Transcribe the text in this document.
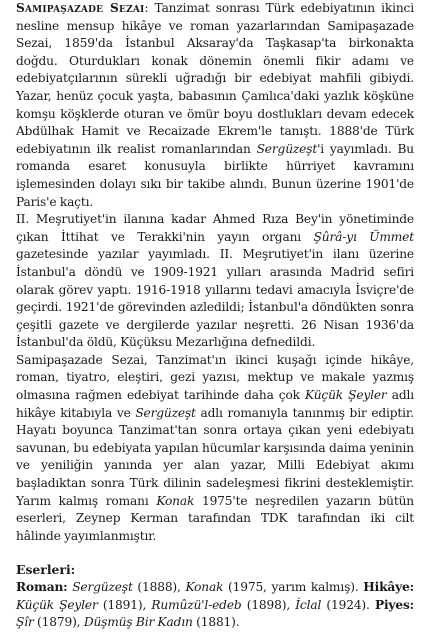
Samipaşazade Sezai: Tanzimat sonrası Türk edebiyatının ikinci nesline mensup hikâye ve roman yazarlarından Samipaşazade Sezai, 1859'da İstanbul Aksaray'da Taşkasap'ta birkonakta doğdu. Oturdukları konak dönemin önemli fikir adamı ve edebiyatçılarının sürekli uğradığı bir edebiyat mahfili gibiydi. Yazar, henüz çocuk yaşta, babasının Çamlıca'daki yazlık köşküne komşu köşklerde oturan ve ömür boyu dostlukları devam edecek Abdülhak Hamit ve Recaizade Ekrem'le tanıştı. 1888'de Türk edebiyatının ilk realist romanlarından Sergüzeşt'i yayımladı. Bu romanda esaret konusuyla birlikte hürriyet kavramını işlemesinden dolayı sıkı bir takibe alındı. Bunun üzerine 1901'de Paris'e kaçtı.

II. Meşrutiyet'in ilanına kadar Ahmed Rıza Bey'in yönetiminde çıkan İttihat ve Terakki'nin yayın organı Şûrâ-yı Ümmet gazetesinde yazılar yayımladı. II. Meşrutiyet'in ilanı üzerine İstanbul'a döndü ve 1909-1921 yılları arasında Madrid sefiri olarak görev yaptı. 1916-1918 yıllarını tedavi amacıyla İsviçre'de geçirdi. 1921'de görevinden azledildi; İstanbul'a döndükten sonra çeşitli gazete ve dergilerde yazılar neşretti. 26 Nisan 1936'da İstanbul'da öldü, Küçüksu Mezarlığına defnedildi.

Samipaşazade Sezai, Tanzimat'ın ikinci kuşağı içinde hikâye, roman, tiyatro, eleştiri, gezi yazısı, mektup ve makale yazmış olmasına rağmen edebiyat tarihinde daha çok Küçük Şeyler adlı hikâye kitabıyla ve Sergüzeşt adlı romanıyla tanınmış bir ediptir. Hayatı boyunca Tanzimat'tan sonra ortaya çıkan yeni edebiyatı savunan, bu edebiyata yapılan hücumlar karşısında daima yeninin ve yeniliğin yanında yer alan yazar, Milli Edebiyat akımı başladıktan sonra Türk dilinin sadeleşmesi fikrini desteklemiştir. Yarım kalmış romanı Konak 1975'te neşredilen yazarın bütün eserleri, Zeynep Kerman tarafından TDK tarafından iki cilt hâlinde yayımlanmıştır.

Eserleri:

Roman: Sergüzeşt (1888), Konak (1975, yarım kalmış). Hikâye: Küçük Şeyler (1891), Rumûzü'l-edeb (1898), İclal (1924). Piyes: Şîr (1879), Düşmüş Bir Kadın (1881).
